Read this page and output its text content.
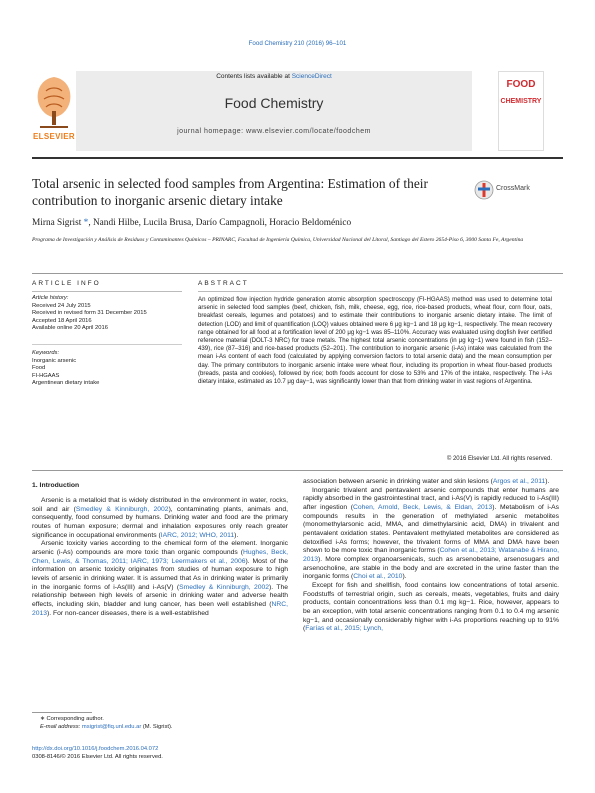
Food Chemistry 210 (2016) 96–101
ELSEVIER
Contents lists available at ScienceDirect
Food Chemistry
journal homepage: www.elsevier.com/locate/foodchem
FOOD
CHEMISTRY
Total arsenic in selected food samples from Argentina: Estimation of their contribution to inorganic arsenic dietary intake
CrossMark
Mirna Sigrist *, Nandi Hilbe, Lucila Brusa, Darío Campagnoli, Horacio Beldoménico
Programa de Investigación y Análisis de Residuos y Contaminantes Químicos – PRINARC, Facultad de Ingeniería Química, Universidad Nacional del Litoral, Santiago del Estero 2654-Piso 6, 3000 Santa Fe, Argentina
ARTICLE INFO
Article history:
Received 24 July 2015
Received in revised form 31 December 2015
Accepted 18 April 2016
Available online 20 April 2016
Keywords:
Inorganic arsenic
Food
FI-HGAAS
Argentinean dietary intake
ABSTRACT
An optimized flow injection hydride generation atomic absorption spectroscopy (FI-HGAAS) method was used to determine total arsenic in selected food samples (beef, chicken, fish, milk, cheese, egg, rice, rice-based products, wheat flour, corn flour, oats, breakfast cereals, legumes and potatoes) and to estimate their contributions to inorganic arsenic dietary intake. The limit of detection (LOD) and limit of quantification (LOQ) values obtained were 6 μg kg−1 and 18 μg kg−1, respectively. The mean recovery range obtained for all food at a fortification level of 200 μg kg−1 was 85–110%. Accuracy was evaluated using dogfish liver certified reference material (DOLT-3 NRC) for trace metals. The highest total arsenic concentrations (in μg kg−1) were found in fish (152–439), rice (87–316) and rice-based products (52–201). The contribution to inorganic arsenic (i-As) intake was calculated from the mean i-As content of each food (calculated by applying conversion factors to total arsenic data) and the mean consumption per day. The primary contributors to inorganic arsenic intake were wheat flour, including its proportion in wheat flour-based products (breads, pasta and cookies), followed by rice; both foods account for close to 53% and 17% of the intake, respectively. The i-As dietary intake, estimated as 10.7 μg day−1, was significantly lower than that from drinking water in vast regions of Argentina.
© 2016 Elsevier Ltd. All rights reserved.
1. Introduction

Arsenic is a metalloid that is widely distributed in the environment in water, rocks, soil and air (Smedley & Kinniburgh, 2002), contaminating plants, animals and, consequently, food consumed by humans. Drinking water and food are the primary routes of human exposure; dermal and inhalation exposures only reach greater significance in occupational environments (IARC, 2012; WHO, 2011).

Arsenic toxicity varies according to the chemical form of the element. Inorganic arsenic (i-As) compounds are more toxic than organic compounds (Hughes, Beck, Chen, Lewis, & Thomas, 2011; IARC, 1973; Leermakers et al., 2006). Most of the information on arsenic toxicity originates from studies of human exposure to high levels of arsenic in drinking water. It is assumed that As in drinking water is primarily in the inorganic forms of i-As(III) and i-As(V) (Smedley & Kinniburgh, 2002). The relationship between high levels of arsenic in drinking water and adverse health effects, including skin, bladder and lung cancer, has been well established (NRC, 2013). For non-cancer diseases, there is a well-established

association between arsenic in drinking water and skin lesions (Argos et al., 2011).

Inorganic trivalent and pentavalent arsenic compounds that enter humans are rapidly absorbed in the gastrointestinal tract, and i-As(V) is rapidly reduced to i-As(III) after ingestion (Cohen, Arnold, Beck, Lewis, & Eldan, 2013). Metabolism of i-As compounds results in the generation of methylated arsenic metabolites (monomethylarsonic acid, MMA, and dimethylarsinic acid, DMA) in trivalent and pentavalent oxidation states. Pentavalent methylated metabolites are considered as detoxified i-As forms; however, the trivalent forms of MMA and DMA have been shown to be more toxic than inorganic forms (Cohen et al., 2013; Watanabe & Hirano, 2013). More complex organoarsenicals, such as arsenobetaine, arsenosugars and arsenocholine, are stable in the body and are excreted in the urine faster than the inorganic forms (Choi et al., 2010).

Except for fish and shellfish, food contains low concentrations of total arsenic. Foodstuffs of terrestrial origin, such as cereals, meats, vegetables, fruits and dairy products, contain concentrations less than 0.1 mg kg−1. Rice, however, appears to be an exception, with total arsenic concentrations ranging from 0.1 to 0.4 mg arsenic kg−1, and occasionally considerably higher with i-As proportions reaching up to 91% (Farías et al., 2015; Lynch,

∗ Corresponding author.
E-mail address: msigrist@fiq.unl.edu.ar (M. Sigrist).
http://dx.doi.org/10.1016/j.foodchem.2016.04.072
0308-8146/© 2016 Elsevier Ltd. All rights reserved.
